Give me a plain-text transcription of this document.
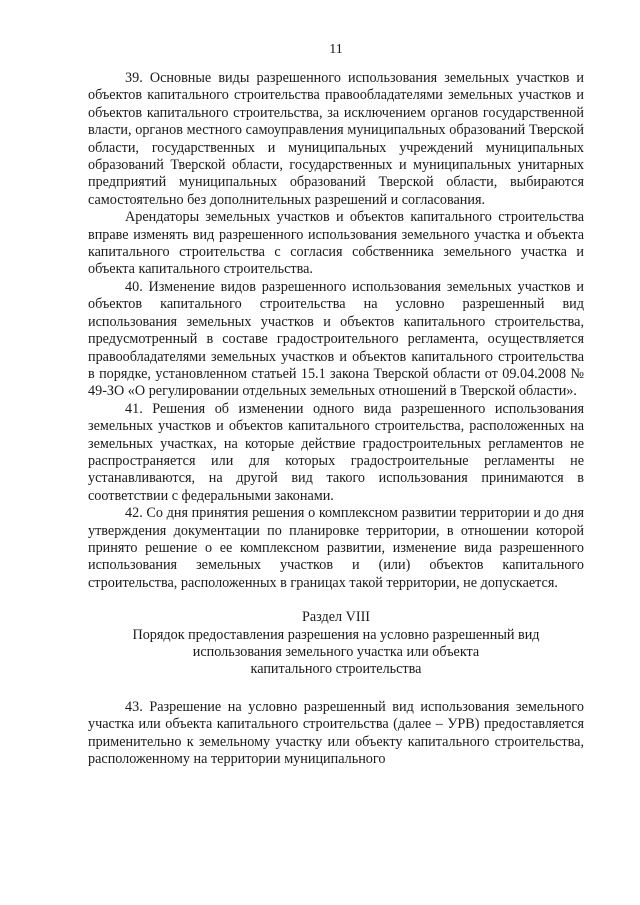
11

39. Основные виды разрешенного использования земельных участков и объектов капитального строительства правообладателями земельных участков и объектов капитального строительства, за исключением органов государственной власти, органов местного самоуправления муниципальных образований Тверской области, государственных и муниципальных учреждений муниципальных образований Тверской области, государственных и муниципальных унитарных предприятий муниципальных образований Тверской области, выбираются самостоятельно без дополнительных разрешений и согласования.

Арендаторы земельных участков и объектов капитального строительства вправе изменять вид разрешенного использования земельного участка и объекта капитального строительства с согласия собственника земельного участка и объекта капитального строительства.

40. Изменение видов разрешенного использования земельных участков и объектов капитального строительства на условно разрешенный вид использования земельных участков и объектов капитального строительства, предусмотренный в составе градостроительного регламента, осуществляется правообладателями земельных участков и объектов капитального строительства в порядке, установленном статьей 15.1 закона Тверской области от 09.04.2008 № 49-ЗО «О регулировании отдельных земельных отношений в Тверской области».

41. Решения об изменении одного вида разрешенного использования земельных участков и объектов капитального строительства, расположенных на земельных участках, на которые действие градостроительных регламентов не распространяется или для которых градостроительные регламенты не устанавливаются, на другой вид такого использования принимаются в соответствии с федеральными законами.

42. Со дня принятия решения о комплексном развитии территории и до дня утверждения документации по планировке территории, в отношении которой принято решение о ее комплексном развитии, изменение вида разрешенного использования земельных участков и (или) объектов капитального строительства, расположенных в границах такой территории, не допускается.

Раздел VIII
Порядок предоставления разрешения на условно разрешенный вид
использования земельного участка или объекта
капитального строительства

43. Разрешение на условно разрешенный вид использования земельного участка или объекта капитального строительства (далее – УРВ) предоставляется применительно к земельному участку или объекту капитального строительства, расположенному на территории муниципального
